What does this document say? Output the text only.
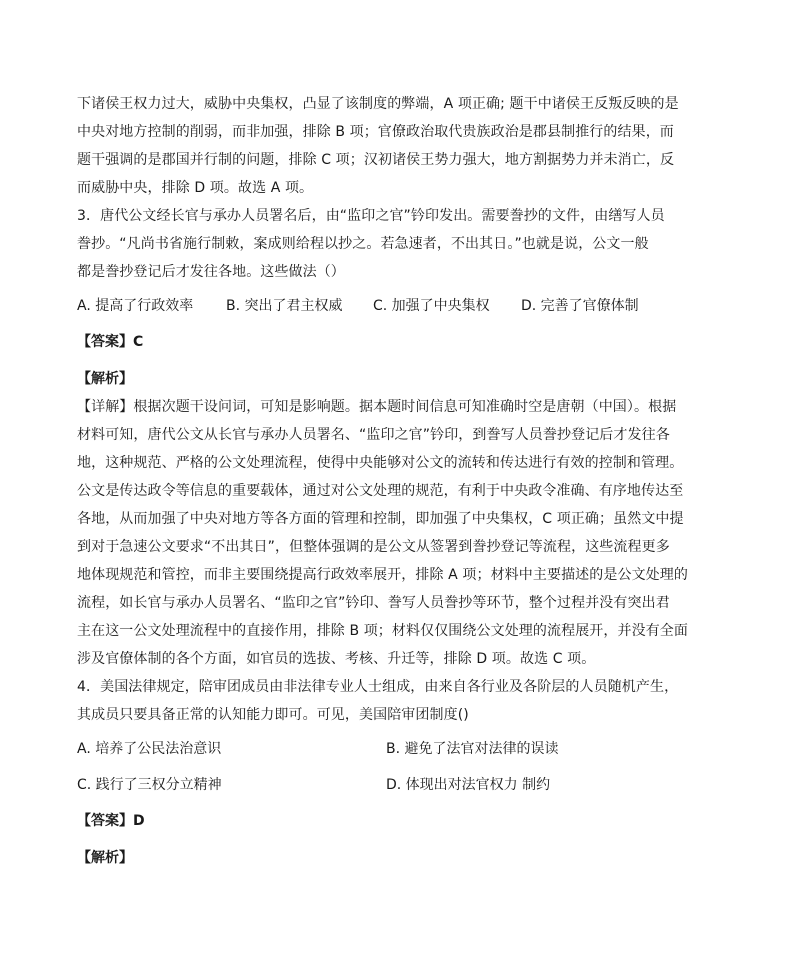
下诸侯王权力过大，威胁中央集权，凸显了该制度的弊端，A 项正确; 题干中诸侯王反叛反映的是
中央对地方控制的削弱，而非加强，排除 B 项；官僚政治取代贵族政治是郡县制推行的结果，而
题干强调的是郡国并行制的问题，排除 C 项；汉初诸侯王势力强大，地方割据势力并未消亡，反
而威胁中央，排除 D 项。故选 A 项。
3．唐代公文经长官与承办人员署名后，由“监印之官”钤印发出。需要誊抄的文件，由缮写人员
誊抄。“凡尚书省施行制敕，案成则给程以抄之。若急速者，不出其日。”也就是说，公文一般
都是誊抄登记后才发往各地。这些做法（）
A. 提高了行政效率 B. 突出了君主权威 C. 加强了中央集权 D. 完善了官僚体制
【答案】C
【解析】
【详解】根据次题干设问词，可知是影响题。据本题时间信息可知准确时空是唐朝（中国）。根据
材料可知，唐代公文从长官与承办人员署名、“监印之官”钤印，到誊写人员誊抄登记后才发往各
地，这种规范、严格的公文处理流程，使得中央能够对公文的流转和传达进行有效的控制和管理。
公文是传达政令等信息的重要载体，通过对公文处理的规范，有利于中央政令准确、有序地传达至
各地，从而加强了中央对地方等各方面的管理和控制，即加强了中央集权，C 项正确；虽然文中提
到对于急速公文要求“不出其日”，但整体强调的是公文从签署到誊抄登记等流程，这些流程更多
地体现规范和管控，而非主要围绕提高行政效率展开，排除 A 项；材料中主要描述的是公文处理的
流程，如长官与承办人员署名、“监印之官”钤印、誊写人员誊抄等环节，整个过程并没有突出君
主在这一公文处理流程中的直接作用，排除 B 项；材料仅仅围绕公文处理的流程展开，并没有全面
涉及官僚体制的各个方面，如官员的选拔、考核、升迁等，排除 D 项。故选 C 项。
4．美国法律规定，陪审团成员由非法律专业人士组成，由来自各行业及各阶层的人员随机产生，
其成员只要具备正常的认知能力即可。可见，美国陪审团制度()
A. 培养了公民法治意识	B. 避免了法官对法律的误读
C. 践行了三权分立精神	D. 体现出对法官权力 制约
【答案】D
【解析】
